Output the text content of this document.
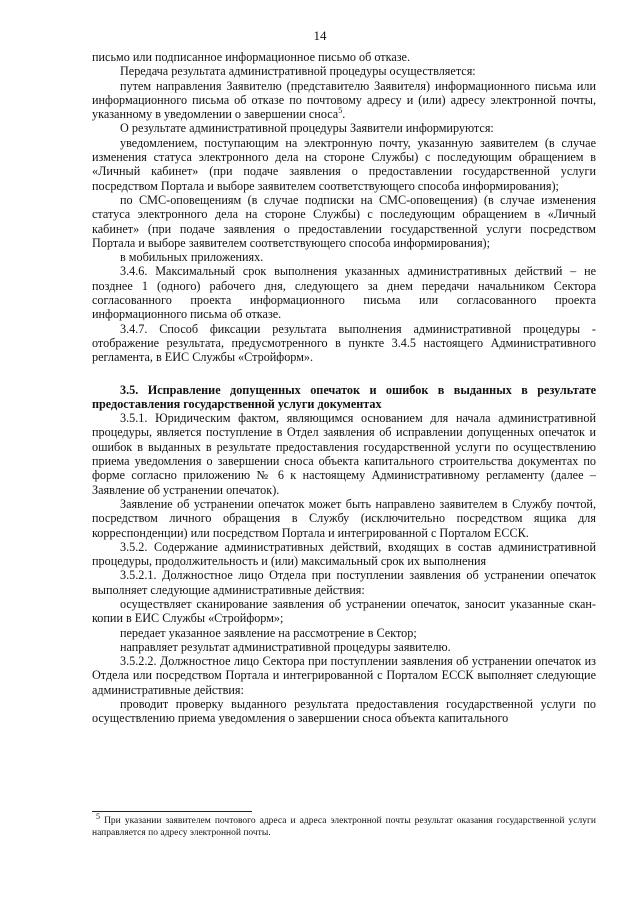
14

письмо или подписанное информационное письмо об отказе.

Передача результата административной процедуры осуществляется:

путем направления Заявителю (представителю Заявителя) информационного письма или информационного письма об отказе по почтовому адресу и (или) адресу электронной почты, указанному в уведомлении о завершении сноса$^5$.

О результате административной процедуры Заявители информируются:

уведомлением, поступающим на электронную почту, указанную заявителем (в случае изменения статуса электронного дела на стороне Службы) с последующим обращением в «Личный кабинет» (при подаче заявления о предоставлении государственной услуги посредством Портала и выборе заявителем соответствующего способа информирования);

по СМС-оповещениям (в случае подписки на СМС-оповещения) (в случае изменения статуса электронного дела на стороне Службы) с последующим обращением в «Личный кабинет» (при подаче заявления о предоставлении государственной услуги посредством Портала и выборе заявителем соответствующего способа информирования);

в мобильных приложениях.

3.4.6. Максимальный срок выполнения указанных административных действий – не позднее 1 (одного) рабочего дня, следующего за днем передачи начальником Сектора согласованного проекта информационного письма или согласованного проекта информационного письма об отказе.

3.4.7. Способ фиксации результата выполнения административной процедуры - отображение результата, предусмотренного в пункте 3.4.5 настоящего Административного регламента, в ЕИС Службы «Стройформ».

3.5. Исправление допущенных опечаток и ошибок в выданных в результате предоставления государственной услуги документах

3.5.1. Юридическим фактом, являющимся основанием для начала административной процедуры, является поступление в Отдел заявления об исправлении допущенных опечаток и ошибок в выданных в результате предоставления государственной услуги по осуществлению приема уведомления о завершении сноса объекта капитального строительства документах по форме согласно приложению № 6 к настоящему Административному регламенту (далее – Заявление об устранении опечаток).

Заявление об устранении опечаток может быть направлено заявителем в Службу почтой, посредством личного обращения в Службу (исключительно посредством ящика для корреспонденции) или посредством Портала и интегрированной с Порталом ЕССК.

3.5.2. Содержание административных действий, входящих в состав административной процедуры, продолжительность и (или) максимальный срок их выполнения

3.5.2.1. Должностное лицо Отдела при поступлении заявления об устранении опечаток выполняет следующие административные действия:

осуществляет сканирование заявления об устранении опечаток, заносит указанные скан-копии в ЕИС Службы «Стройформ»;

передает указанное заявление на рассмотрение в Сектор;

направляет результат административной процедуры заявителю.

3.5.2.2. Должностное лицо Сектора при поступлении заявления об устранении опечаток из Отдела или посредством Портала и интегрированной с Порталом ЕССК выполняет следующие административные действия:

проводит проверку выданного результата предоставления государственной услуги по осуществлению приема уведомления о завершении сноса объекта капитального

$^5$ При указании заявителем почтового адреса и адреса электронной почты результат оказания государственной услуги направляется по адресу электронной почты.
